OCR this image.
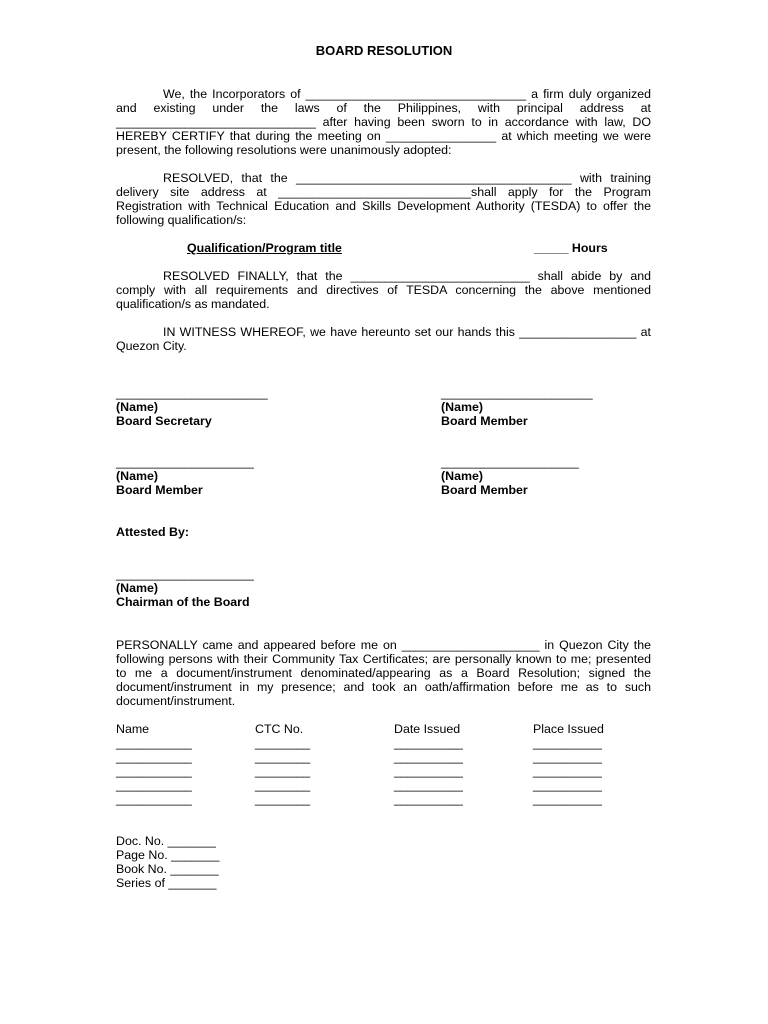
BOARD RESOLUTION
We, the Incorporators of ________________________________ a firm duly organized and existing under the laws of the Philippines, with principal address at _____________________________ after having been sworn to in accordance with law, DO HEREBY CERTIFY that during the meeting on ________________ at which meeting we were present, the following resolutions were unanimously adopted:
RESOLVED, that the ________________________________________ with training delivery site address at ____________________________shall apply for the Program Registration with Technical Education and Skills Development Authority (TESDA) to offer the following qualification/s:
Qualification/Program title	_____ Hours
RESOLVED FINALLY, that the __________________________ shall abide by and comply with all requirements and directives of TESDA concerning the above mentioned qualification/s as mandated.
IN WITNESS WHEREOF, we have hereunto set our hands this _________________ at Quezon City.
______________________
(Name)
Board Secretary
______________________
(Name)
Board Member
____________________
(Name)
Board Member
____________________
(Name)
Board Member
Attested By:
____________________
(Name)
Chairman of the Board
PERSONALLY came and appeared before me on ____________________ in Quezon City the following persons with their Community Tax Certificates; are personally known to me; presented to me a document/instrument denominated/appearing as a Board Resolution; signed the document/instrument in my presence; and took an oath/affirmation before me as to such document/instrument.
Name	CTC No.	Date Issued	Place Issued
___________	________	__________	__________
___________	________	__________	__________
___________	________	__________	__________
___________	________	__________	__________
___________	________	__________	__________
Doc. No. _______
Page No. _______
Book No. _______
Series of _______
